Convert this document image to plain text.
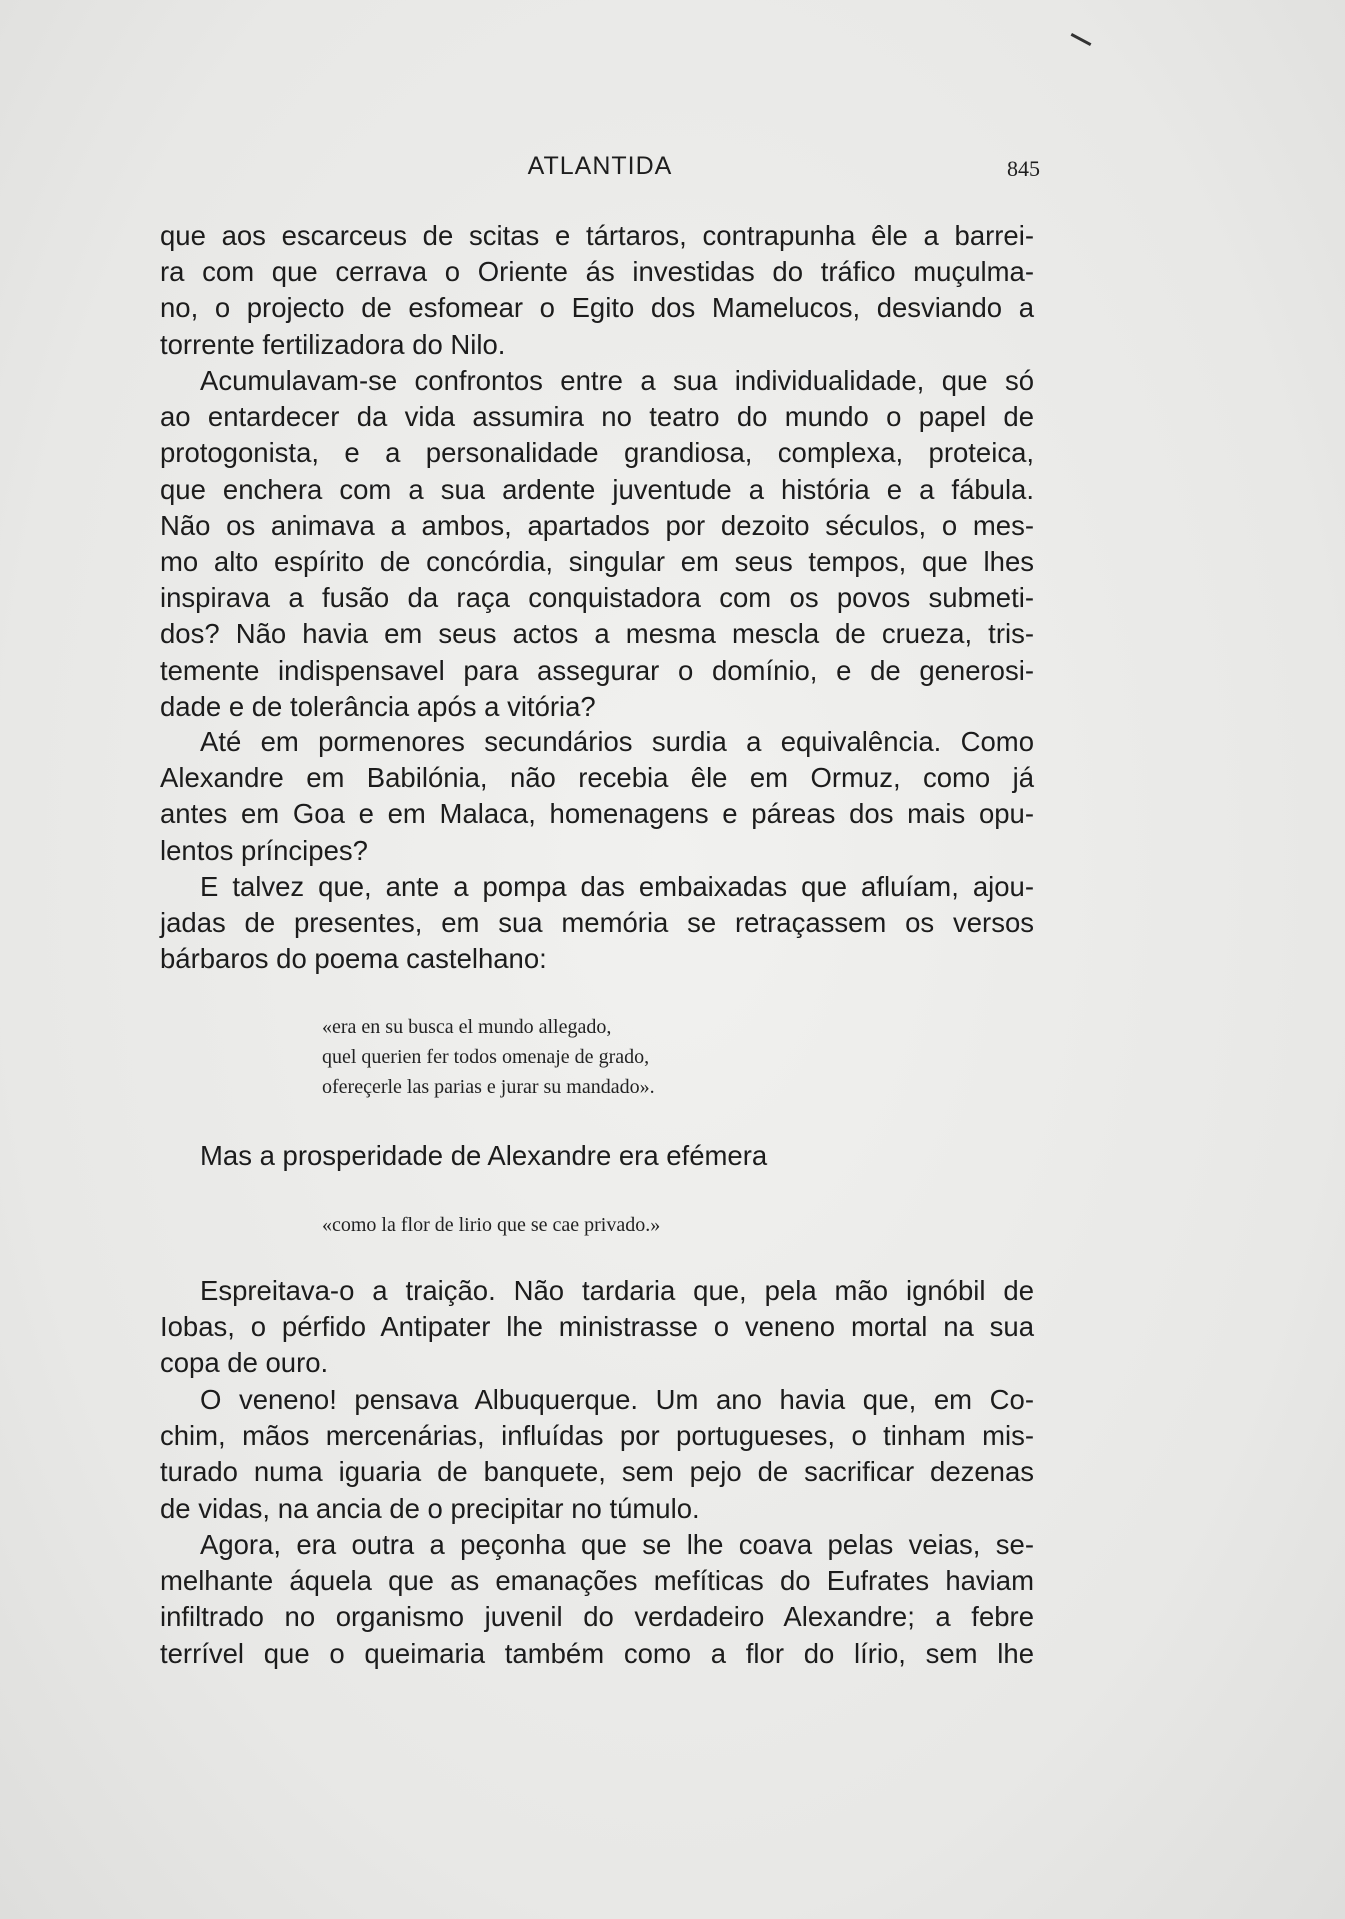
ATLANTIDA	845
que aos escarceus de scitas e tártaros, contrapunha êle a barrei-
ra com que cerrava o Oriente ás investidas do tráfico muçulma-
no, o projecto de esfomear o Egito dos Mamelucos, desviando a
torrente fertilizadora do Nilo.
Acumulavam-se confrontos entre a sua individualidade, que só
ao entardecer da vida assumira no teatro do mundo o papel de
protogonista, e a personalidade grandiosa, complexa, proteica,
que enchera com a sua ardente juventude a história e a fábula.
Não os animava a ambos, apartados por dezoito séculos, o mes-
mo alto espírito de concórdia, singular em seus tempos, que lhes
inspirava a fusão da raça conquistadora com os povos submeti-
dos? Não havia em seus actos a mesma mescla de crueza, tris-
temente indispensavel para assegurar o domínio, e de generosi-
dade e de tolerância após a vitória?
Até em pormenores secundários surdia a equivalência. Como
Alexandre em Babilónia, não recebia êle em Ormuz, como já
antes em Goa e em Malaca, homenagens e páreas dos mais opu-
lentos príncipes?
E talvez que, ante a pompa das embaixadas que afluíam, ajou-
jadas de presentes, em sua memória se retraçassem os versos
bárbaros do poema castelhano:
«era en su busca el mundo allegado,
quel querien fer todos omenaje de grado,
ofereçerle las parias e jurar su mandado».
Mas a prosperidade de Alexandre era efémera
«como la flor de lirio que se cae privado.»
Espreitava-o a traição. Não tardaria que, pela mão ignóbil de
Iobas, o pérfido Antipater lhe ministrasse o veneno mortal na sua
copa de ouro.
O veneno! pensava Albuquerque. Um ano havia que, em Co-
chim, mãos mercenárias, influídas por portugueses, o tinham mis-
turado numa iguaria de banquete, sem pejo de sacrificar dezenas
de vidas, na ancia de o precipitar no túmulo.
Agora, era outra a peçonha que se lhe coava pelas veias, se-
melhante áquela que as emanações mefíticas do Eufrates haviam
infiltrado no organismo juvenil do verdadeiro Alexandre; a febre
terrível que o queimaria também como a flor do lírio, sem lhe
